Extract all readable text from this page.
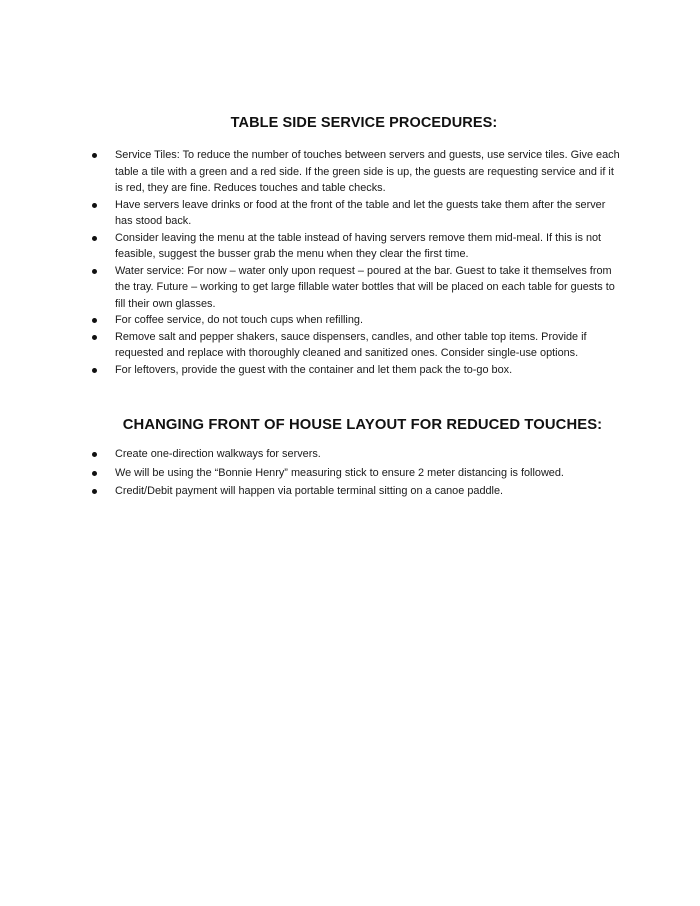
TABLE SIDE SERVICE PROCEDURES:
Service Tiles: To reduce the number of touches between servers and guests, use service tiles. Give each table a tile with a green and a red side. If the green side is up, the guests are requesting service and if it is red, they are fine. Reduces touches and table checks.
Have servers leave drinks or food at the front of the table and let the guests take them after the server has stood back.
Consider leaving the menu at the table instead of having servers remove them mid-meal. If this is not feasible, suggest the busser grab the menu when they clear the first time.
Water service: For now – water only upon request – poured at the bar. Guest to take it themselves from the tray. Future – working to get large fillable water bottles that will be placed on each table for guests to fill their own glasses.
For coffee service, do not touch cups when refilling.
Remove salt and pepper shakers, sauce dispensers, candles, and other table top items. Provide if requested and replace with thoroughly cleaned and sanitized ones. Consider single-use options.
For leftovers, provide the guest with the container and let them pack the to-go box.
CHANGING FRONT OF HOUSE LAYOUT FOR REDUCED TOUCHES:
Create one-direction walkways for servers.
We will be using the “Bonnie Henry” measuring stick to ensure 2 meter distancing is followed.
Credit/Debit payment will happen via portable terminal sitting on a canoe paddle.
